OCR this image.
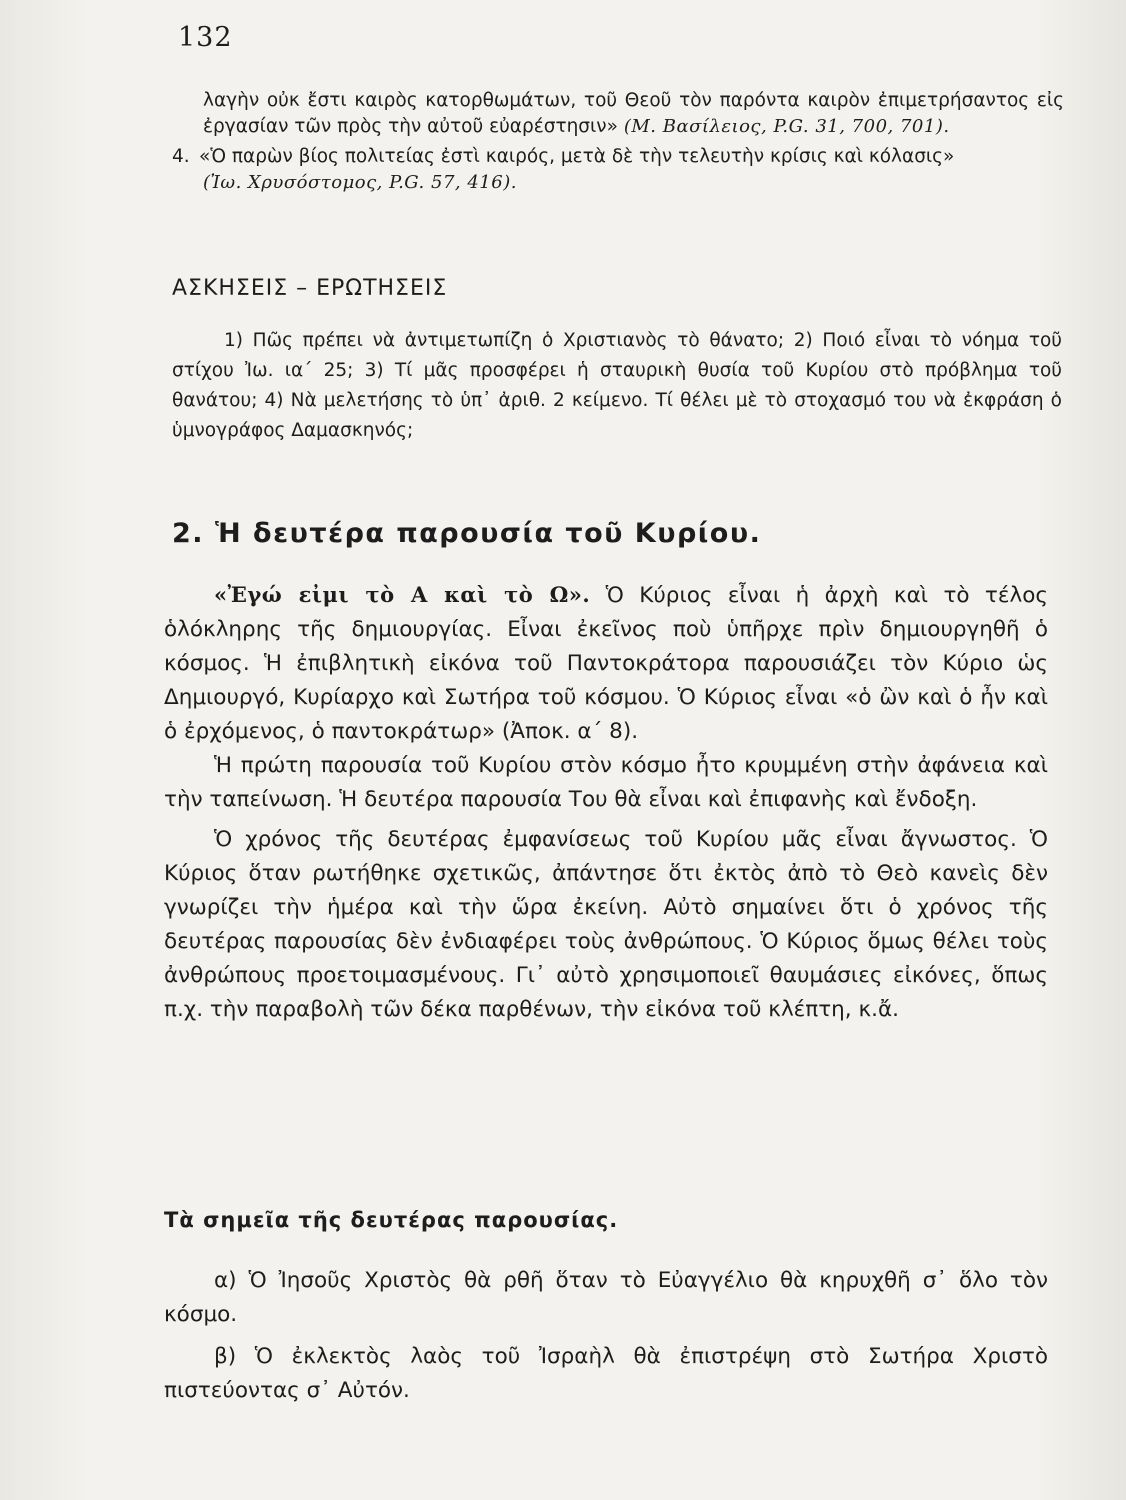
132
λαγὴν οὐκ ἔστι καιρὸς κατορθωμάτων, τοῦ Θεοῦ τὸν παρόντα καιρὸν ἐπιμετρήσαντος εἰς ἐργασίαν τῶν πρὸς τὴν αὐτοῦ εὐαρέστησιν» (Μ. Βασίλειος, P.G. 31, 700, 701).
4. «Ὁ παρὼν βίος πολιτείας ἐστὶ καιρός, μετὰ δὲ τὴν τελευτὴν κρίσις καὶ κόλασις»
(Ἰω. Χρυσόστομος, P.G. 57, 416).
ΑΣΚΗΣΕΙΣ – ΕΡΩΤΗΣΕΙΣ
1) Πῶς πρέπει νὰ ἀντιμετωπίζη ὁ Χριστιανὸς τὸ θάνατο; 2) Ποιό εἶναι τὸ νόημα τοῦ στίχου Ἰω. ια´ 25; 3) Τί μᾶς προσφέρει ἡ σταυρικὴ θυσία τοῦ Κυρίου στὸ πρόβλημα τοῦ θανάτου; 4) Νὰ μελετήσης τὸ ὑπ᾽ ἀριθ. 2 κείμενο. Τί θέλει μὲ τὸ στοχασμό του νὰ ἐκφράση ὁ ὑμνογράφος Δαμασκηνός;
2. Ἡ δευτέρα παρουσία τοῦ Κυρίου.

«Ἐγώ εἰμι τὸ Α καὶ τὸ Ω». Ὁ Κύριος εἶναι ἡ ἀρχὴ καὶ τὸ τέλος ὁλόκληρης τῆς δημιουργίας. Εἶναι ἐκεῖνος ποὺ ὑπῆρχε πρὶν δημιουργηθῆ ὁ κόσμος. Ἡ ἐπιβλητικὴ εἰκόνα τοῦ Παντοκράτορα παρουσιάζει τὸν Κύριο ὡς Δημιουργό, Κυρίαρχο καὶ Σωτήρα τοῦ κόσμου. Ὁ Κύριος εἶναι «ὁ ὢν καὶ ὁ ἦν καὶ ὁ ἐρχόμενος, ὁ παντοκράτωρ» (Ἀποκ. α´ 8).

Ἡ πρώτη παρουσία τοῦ Κυρίου στὸν κόσμο ἦτο κρυμμένη στὴν ἀφάνεια καὶ τὴν ταπείνωση. Ἡ δευτέρα παρουσία Του θὰ εἶναι καὶ ἐπιφανὴς καὶ ἔνδοξη.

Ὁ χρόνος τῆς δευτέρας ἐμφανίσεως τοῦ Κυρίου μᾶς εἶναι ἄγνωστος. Ὁ Κύριος ὅταν ρωτήθηκε σχετικῶς, ἀπάντησε ὅτι ἐκτὸς ἀπὸ τὸ Θεὸ κανεὶς δὲν γνωρίζει τὴν ἡμέρα καὶ τὴν ὥρα ἐκείνη. Αὐτὸ σημαίνει ὅτι ὁ χρόνος τῆς δευτέρας παρουσίας δὲν ἐνδιαφέρει τοὺς ἀνθρώπους. Ὁ Κύριος ὅμως θέλει τοὺς ἀνθρώπους προετοιμασμένους. Γι᾽ αὐτὸ χρησιμοποιεῖ θαυμάσιες εἰκόνες, ὅπως π.χ. τὴν παραβολὴ τῶν δέκα παρθένων, τὴν εἰκόνα τοῦ κλέπτη, κ.ἄ.

Τὰ σημεῖα τῆς δευτέρας παρουσίας.

α) Ὁ Ἰησοῦς Χριστὸς θὰ ρθῆ ὅταν τὸ Εὐαγγέλιο θὰ κηρυχθῆ σ᾽ ὅλο τὸν κόσμο.

β) Ὁ ἐκλεκτὸς λαὸς τοῦ Ἰσραὴλ θὰ ἐπιστρέψη στὸ Σωτήρα Χριστὸ πιστεύοντας σ᾽ Αὐτόν.
